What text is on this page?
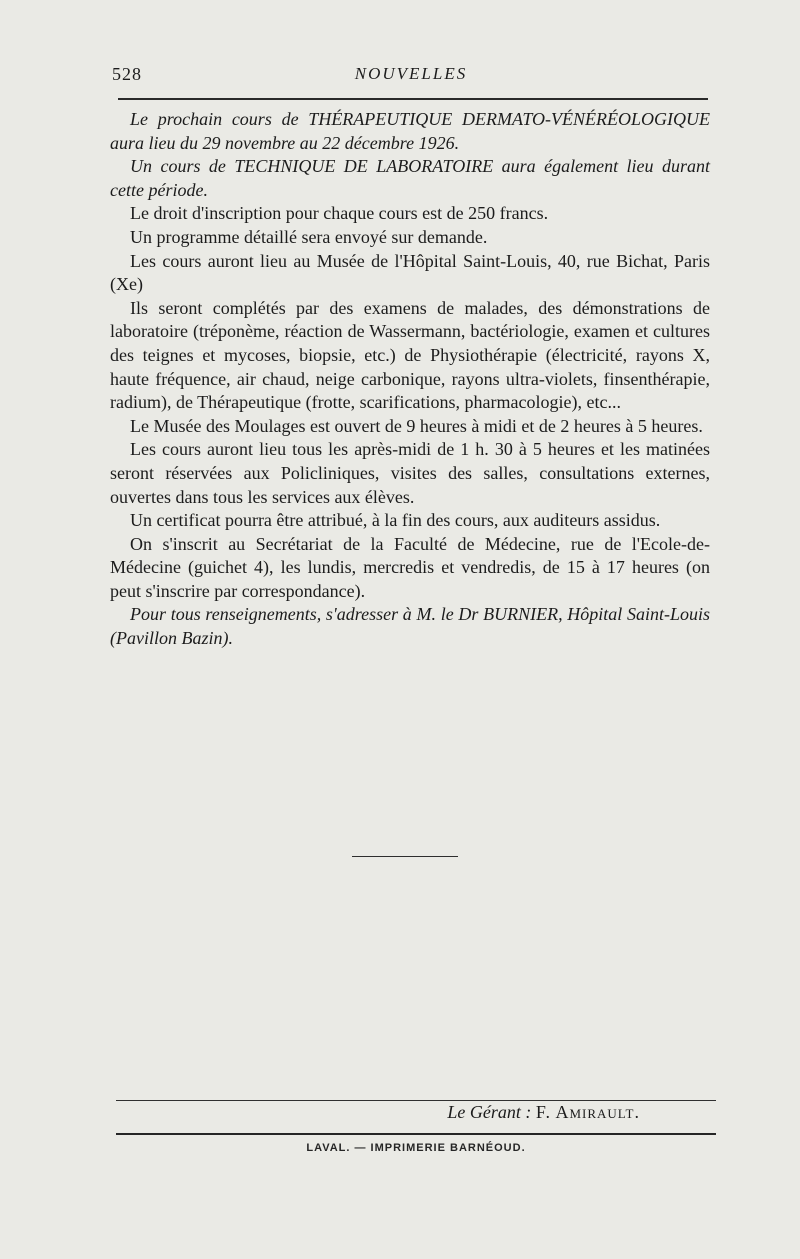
528	NOUVELLES

Le prochain cours de THÉRAPEUTIQUE DERMATO-VÉNÉRÉOLOGIQUE aura lieu du 29 novembre au 22 décembre 1926.

Un cours de TECHNIQUE DE LABORATOIRE aura également lieu durant cette période.

Le droit d'inscription pour chaque cours est de 250 francs.

Un programme détaillé sera envoyé sur demande.

Les cours auront lieu au Musée de l'Hôpital Saint-Louis, 40, rue Bichat, Paris (Xe)

Ils seront complétés par des examens de malades, des démonstrations de laboratoire (tréponème, réaction de Wassermann, bactériologie, examen et cultures des teignes et mycoses, biopsie, etc.) de Physiothérapie (électricité, rayons X, haute fréquence, air chaud, neige carbonique, rayons ultra-violets, finsenthérapie, radium), de Thérapeutique (frotte, scarifications, pharmacologie), etc...

Le Musée des Moulages est ouvert de 9 heures à midi et de 2 heures à 5 heures.

Les cours auront lieu tous les après-midi de 1 h. 30 à 5 heures et les matinées seront réservées aux Policliniques, visites des salles, consultations externes, ouvertes dans tous les services aux élèves.

Un certificat pourra être attribué, à la fin des cours, aux auditeurs assidus.

On s'inscrit au Secrétariat de la Faculté de Médecine, rue de l'Ecole-de-Médecine (guichet 4), les lundis, mercredis et vendredis, de 15 à 17 heures (on peut s'inscrire par correspondance).

Pour tous renseignements, s'adresser à M. le Dr BURNIER, Hôpital Saint-Louis (Pavillon Bazin).

Le Gérant : F. Amirault.
LAVAL. — IMPRIMERIE BARNÉOUD.
